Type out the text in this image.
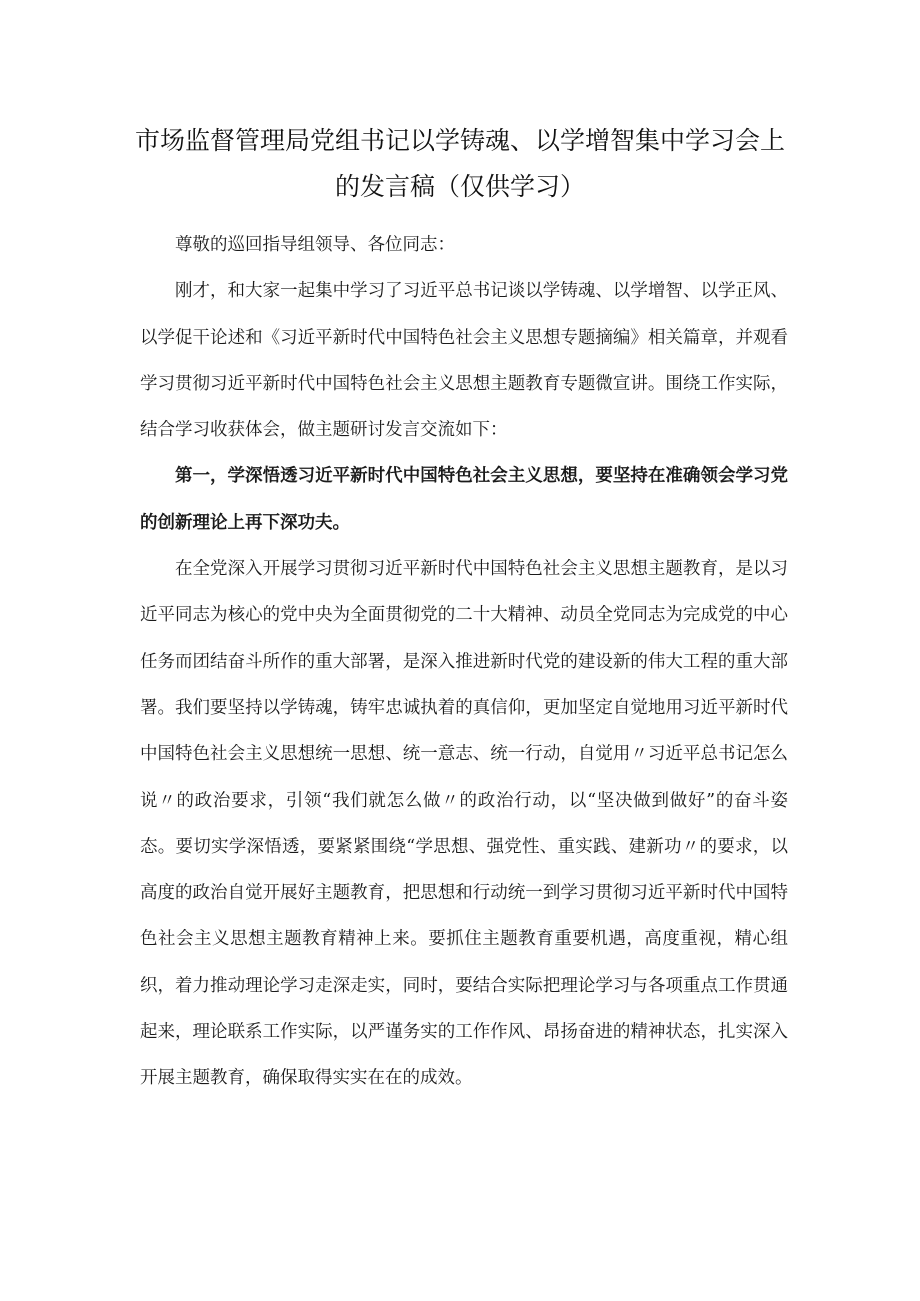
市场监督管理局党组书记以学铸魂、以学增智集中学习会上的发言稿（仅供学习）

尊敬的巡回指导组领导、各位同志：

刚才，和大家一起集中学习了习近平总书记谈以学铸魂、以学增智、以学正风、以学促干论述和《习近平新时代中国特色社会主义思想专题摘编》相关篇章，并观看学习贯彻习近平新时代中国特色社会主义思想主题教育专题微宣讲。围绕工作实际，结合学习收获体会，做主题研讨发言交流如下：

第一，学深悟透习近平新时代中国特色社会主义思想，要坚持在准确领会学习党的创新理论上再下深功夫。

在全党深入开展学习贯彻习近平新时代中国特色社会主义思想主题教育，是以习近平同志为核心的党中央为全面贯彻党的二十大精神、动员全党同志为完成党的中心任务而团结奋斗所作的重大部署，是深入推进新时代党的建设新的伟大工程的重大部署。我们要坚持以学铸魂，铸牢忠诚执着的真信仰，更加坚定自觉地用习近平新时代中国特色社会主义思想统一思想、统一意志、统一行动，自觉用〃习近平总书记怎么说〃的政治要求，引领“我们就怎么做〃的政治行动，以“坚决做到做好”的奋斗姿态。要切实学深悟透，要紧紧围绕“学思想、强党性、重实践、建新功〃的要求，以高度的政治自觉开展好主题教育，把思想和行动统一到学习贯彻习近平新时代中国特色社会主义思想主题教育精神上来。要抓住主题教育重要机遇，高度重视，精心组织，着力推动理论学习走深走实，同时，要结合实际把理论学习与各项重点工作贯通起来，理论联系工作实际，以严谨务实的工作作风、昂扬奋进的精神状态，扎实深入开展主题教育，确保取得实实在在的成效。
